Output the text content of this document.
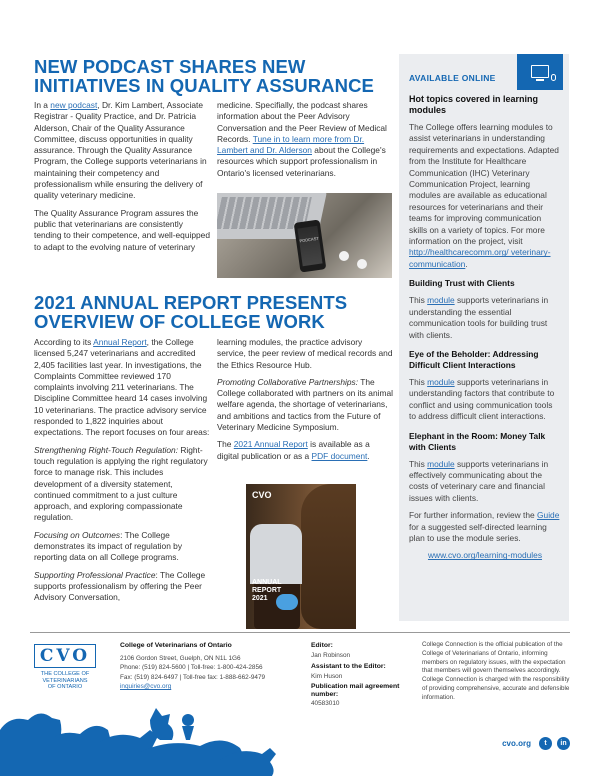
NEW PODCAST SHARES NEW INITIATIVES IN QUALITY ASSURANCE

In a new podcast, Dr. Kim Lambert, Associate Registrar - Quality Practice, and Dr. Patricia Alderson, Chair of the Quality Assurance Committee, discuss opportunities in quality assurance. Through the Quality Assurance Program, the College supports veterinarians in maintaining their competency and professionalism while ensuring the delivery of quality veterinary medicine.

The Quality Assurance Program assures the public that veterinarians are consistently tending to their competence, and well-equipped to adapt to the evolving nature of veterinary

medicine. Specifially, the podcast shares information about the Peer Advisory Conversation and the Peer Review of Medical Records. Tune in to learn more from Dr. Lambert and Dr. Alderson about the College's resources which support professionalism in Ontario's licensed veterinarians.

PODCAST
2021 ANNUAL REPORT PRESENTS OVERVIEW OF COLLEGE WORK

According to its Annual Report, the College licensed 5,247 veterinarians and accredited 2,405 facilities last year. In investigations, the Complaints Committee reviewed 170 complaints involving 211 veterinarians. The Discipline Committee heard 14 cases involving 10 veterinarians. The practice advisory service responded to 1,822 inquiries about expectations. The report focuses on four areas:

Strengthening Right-Touch Regulation: Right-touch regulation is applying the right regulatory force to manage risk. This includes development of a diversity statement, continued commitment to a just culture approach, and exploring compassionate regulation.

Focusing on Outcomes: The College demonstrates its impact of regulation by reporting data on all College programs.

Supporting Professional Practice: The College supports professionalism by offering the Peer Advisory Conversation,

learning modules, the practice advisory service, the peer review of medical records and the Ethics Resource Hub.

Promoting Collaborative Partnerships: The College collaborated with partners on its animal welfare agenda, the shortage of veterinarians, and ambitions and tactics from the Future of Veterinary Medicine Symposium.

The 2021 Annual Report is available as a digital publication or as a PDF document.

CVO
ANNUAL REPORT 2021
AVAILABLE ONLINE
Hot topics covered in learning modules

The College offers learning modules to assist veterinarians in understanding requirements and expectations. Adapted from the Institute for Healthcare Communication (IHC) Veterinary Communication Project, learning modules are available as educational resources for veterinarians and their teams for improving communication skills on a variety of topics. For more information on the project, visit http://healthcarecomm.org/ veterinary-communication.

Building Trust with Clients

This module supports veterinarians in understanding the essential communication tools for building trust with clients.

Eye of the Beholder: Addressing Difficult Client Interactions

This module supports veterinarians in understanding factors that contribute to conflict and using communication tools to address difficult client interactions.

Elephant in the Room: Money Talk with Clients

This module supports veterinarians in effectively communicating about the costs of veterinary care and financial issues with clients.

For further information, review the Guide for a suggested self-directed learning plan to use the module series.

www.cvo.org/learning-modules
CVO
THE COLLEGE OF
VETERINARIANS
OF ONTARIO
College of Veterinarians of Ontario
2106 Gordon Street, Guelph, ON N1L 1G6
Phone: (519) 824-5600 | Toll-free: 1-800-424-2856
Fax: (519) 824-6497 | Toll-free fax: 1-888-662-9479
inquiries@cvo.org
Editor:
Jan Robinson
Assistant to the Editor:
Kim Huson
Publication mail agreement number:
40583010
College Connection is the official publication of the College of Veterinarians of Ontario, informing members on regulatory issues, with the expectation that members will govern themselves accordingly. College Connection is charged with the responsibility of providing comprehensive, accurate and defensible information.
cvo.org	t	in
